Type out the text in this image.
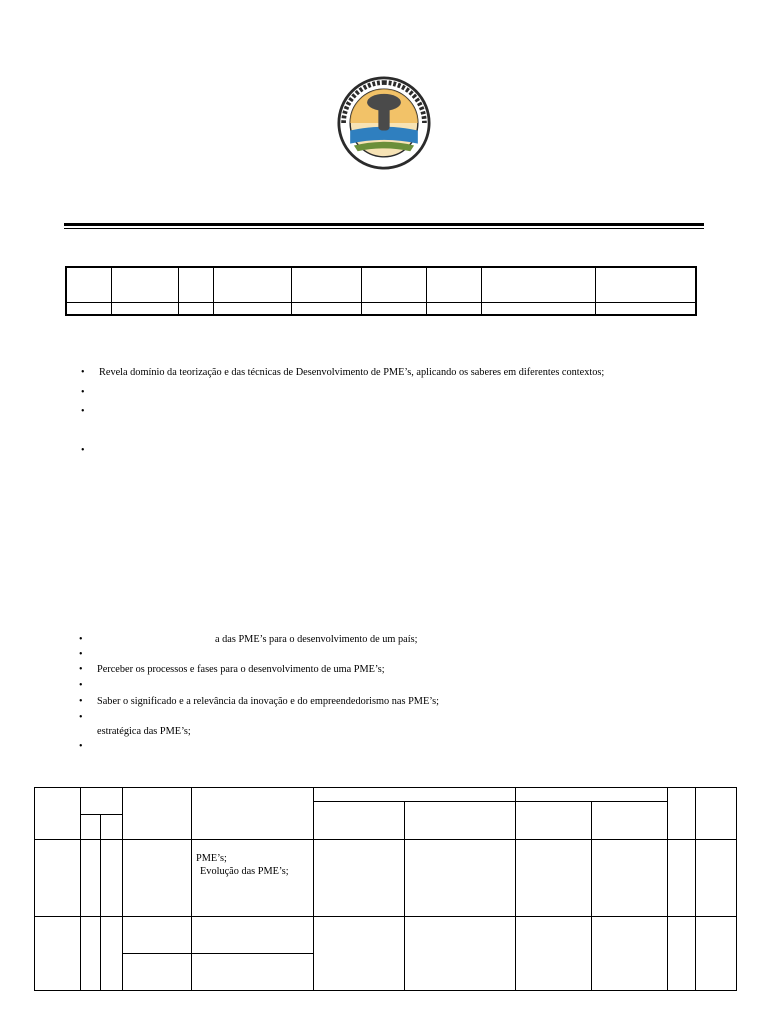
• Revela domínio da teorização e das técnicas de Desenvolvimento de PME’s, aplicando os saberes em diferentes contextos;
•
•
•
•	a das PME’s para o desenvolvimento de um país;
•
• Perceber os processos e fases para o desenvolvimento de uma PME’s;
•
• Saber o significado e a relevância da inovação e do empreendedorismo nas PME’s;
•
estratégica das PME’s;
•

				PME’s;
Evolução das PME’s;						
